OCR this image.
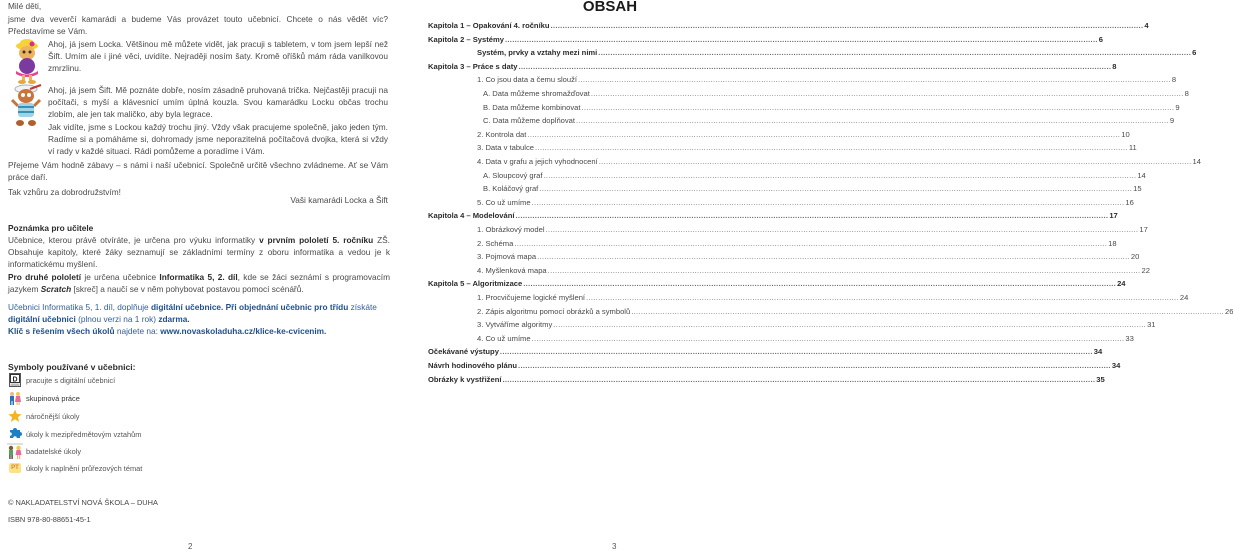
Milé děti,
jsme dva veverčí kamarádi a budeme Vás provázet touto učebnicí. Chcete o nás vědět víc? Představíme se Vám.
Ahoj, já jsem Locka. Většinou mě můžete vidět, jak pracuji s tabletem, v tom jsem lepší než Šift. Umím ale i jiné věci, uvidíte. Nejraději nosím šaty. Kromě oříšků mám ráda vanilkovou zmrzlinu.
Ahoj, já jsem Šift. Mě poznáte dobře, nosím zásadně pruhovaná trička. Nejčastěji pracuji na počítači, s myší a klávesnicí umím úplná kouzla. Svou kamarádku Locku občas trochu zlobím, ale jen tak maličko, aby byla legrace.
Jak vidíte, jsme s Lockou každý trochu jiný. Vždy však pracujeme společně, jako jeden tým. Radíme si a pomáháme si, dohromady jsme neporazitelná počítačová dvojka, která si vždy ví rady v každé situaci. Rádi pomůžeme a poradíme i Vám.
Přejeme Vám hodně zábavy – s námi i naší učebnicí. Společně určitě všechno zvládneme. Ať se Vám práce daří.
Tak vzhůru za dobrodružstvím!
Vaši kamarádi Locka a Šift
Poznámka pro učitele
Učebnice, kterou právě otvíráte, je určena pro výuku informatiky v prvním pololetí 5. ročníku ZŠ. Obsahuje kapitoly, které žáky seznamují se základními termíny z oboru informatika a vedou je k informatickému myšlení.
Pro druhé pololetí je určena učebnice Informatika 5, 2. díl, kde se žáci seznámí s programovacím jazykem Scratch [skreč] a naučí se v něm pohybovat postavou pomocí scénářů.
Učebnici Informatika 5, 1. díl, doplňuje digitální učebnice. Při objednání učebnic pro třídu získáte digitální učebnici (plnou verzi na 1 rok) zdarma.
Klíč s řešením všech úkolů najdete na: www.novaskoladuha.cz/klice-ke-cvicenim.
Symboly používané v učebnici:
D pracujte s digitální učebnicí
skupinová práce
náročnější úkoly
úkoly k mezipředmětovým vztahům
badatelské úkoly
PT úkoly k naplnění průřezových témat
© NAKLADATELSTVÍ NOVÁ ŠKOLA – DUHA
ISBN 978-80-88651-45-1
2
OBSAH
Kapitola 1 – Opakování 4. ročníku
.....	4
Kapitola 2 – Systémy
.....	6
Systém, prvky a vztahy mezi nimi
.....	6
Kapitola 3 – Práce s daty
.....	8
1. Co jsou data a čemu slouží
.....	8
A. Data můžeme shromažďovat
.....	8
B. Data můžeme kombinovat
.....	9
C. Data můžeme doplňovat
.....	9
2. Kontrola dat
.....	10
3. Data v tabulce
.....	11
4. Data v grafu a jejich vyhodnocení
.....	14
A. Sloupcový graf
.....	14
B. Koláčový graf
.....	15
5. Co už umíme
.....	16
Kapitola 4 – Modelování
.....	17
1. Obrázkový model
.....	17
2. Schéma
.....	18
3. Pojmová mapa
.....	20
4. Myšlenková mapa
.....	22
Kapitola 5 – Algoritmizace
.....	24
1. Procvičujeme logické myšlení
.....	24
2. Zápis algoritmu pomocí obrázků a symbolů
.....	26
3. Vytváříme algoritmy
.....	31
4. Co už umíme
.....	33
Očekávané výstupy
.....	34
Návrh hodinového plánu
.....	34
Obrázky k vystřižení
.....	35
3
